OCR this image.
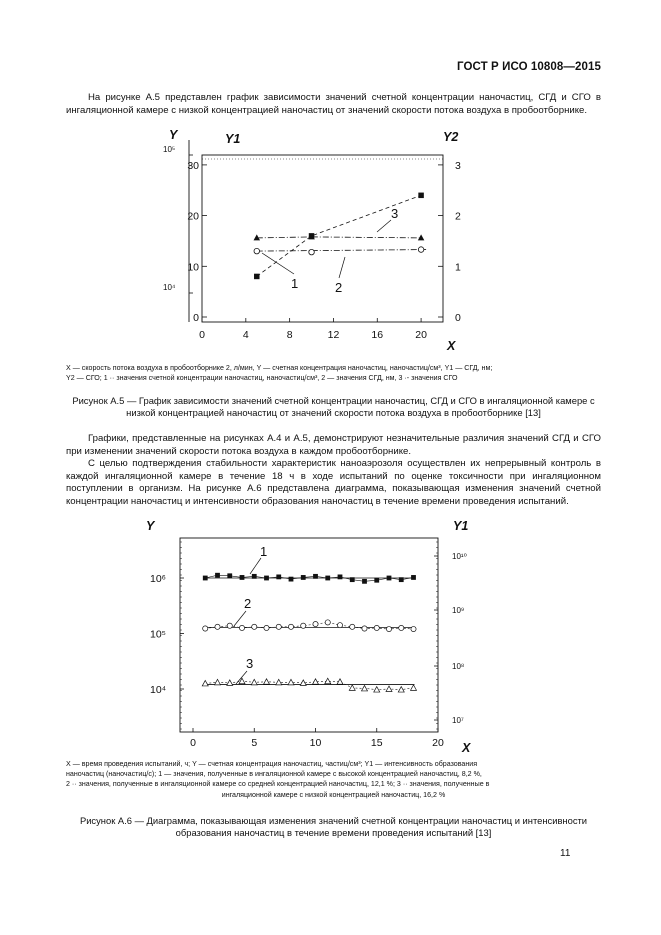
ГОСТ Р ИСО 10808—2015
На рисунке А.5 представлен график зависимости значений счетной концентрации наночастиц, СГД и СГО в ингаляционной камере с низкой концентрацией наночастиц от значений скорости потока воздуха в пробоотборнике.
Y	Y1	Y2
X
10⁵
10⁴
0
10
20
30
0
1
2
3
0	4	8	12	16	20
1	2
3
X — скорость потока воздуха в пробоотборнике 2, л/мин, Y — счетная концентрация наночастиц, наночастиц/см³, Y1 — СГД, нм;
Y2 — СГО; 1 ·· значения счетной концентрации наночастиц, наночастиц/см³, 2 — значения СГД, нм, 3 ·- значения СГО
Рисунок А.5 — График зависимости значений счетной концентрации наночастиц, СГД и СГО в ингаляционной камере с низкой концентрацией наночастиц от значений скорости потока воздуха в пробоотборнике [13]
Графики, представленные на рисунках А.4 и А.5, демонстрируют незначительные различия значений СГД и СГО при изменении значений скорости потока воздуха в каждом пробоотборнике.
С целью подтверждения стабильности характеристик наноаэрозоля осуществлен их непрерывный контроль в каждой ингаляционной камере в течение 18 ч в ходе испытаний по оценке токсичности при ингаляционном поступлении в организм. На рисунке А.6 представлена диаграмма, показывающая изменения значений счетной концентрации наночастиц и интенсивности образования наночастиц в течение времени проведения испытаний.
Y	Y1
X
10⁶
10⁵
10⁴
10¹⁰
10⁹
10⁸
10⁷
0	5	10	15	20
1
2
3
X — время проведения испытаний, ч; Y — счетная концентрация наночастиц, частиц/см³; Y1 — интенсивность образования
наночастиц (наночастиц/с); 1 — значения, полученные в ингаляционной камере с высокой концентрацией наночастиц, 8,2 %,
2 ·· значения, полученные в ингаляционной камере со средней концентрацией наночастиц, 12,1 %; 3 ·· значения, полученные в
ингаляционной камере с низкой концентрацией наночастиц, 16,2 %
Рисунок А.6 — Диаграмма, показывающая изменения значений счетной концентрации наночастиц и интенсивности образования наночастиц в течение времени проведения испытаний [13]
11
